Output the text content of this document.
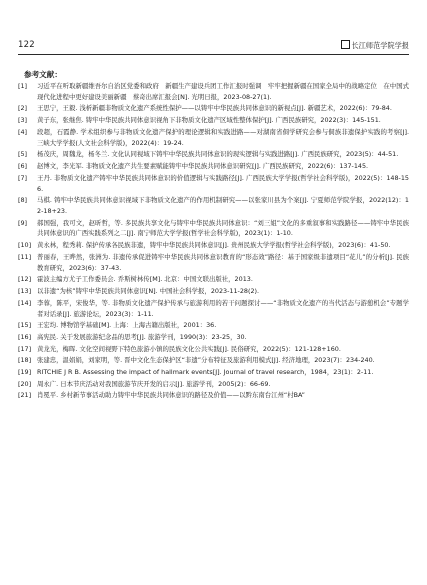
122	长江师范学院学报
参考文献：
[1] 习近平在听取新疆维吾尔自治区党委和政府　新疆生产建设兵团工作汇报时强调　牢牢把握新疆在国家全局中的战略定位　在中国式现代化进程中更好建设美丽新疆　蔡奇出席汇报会[N]. 光明日报，2023-08-27(1).
[2] 王思宁，王毅. 浅析新疆非物质文化遗产系统性保护——以铸牢中华民族共同体意识的新视点[J]. 新疆艺术，2022(6)：79-84.
[3] 黄子东，张继焦. 铸牢中华民族共同体意识视角下非物质文化遗产区域性整体保护[J]. 广西民族研究，2022(3)：145-151.
[4] 段超，石霞静. 学术组织参与非物质文化遗产保护的理论逻辑和实践进路——对湖南省侗学研究会参与侗族非遗保护实践的考察[J]. 三峡大学学报(人文社会科学版)，2022(4)：19-24.
[5] 杨茂庆，周魏龙，杨冬兰. 文化认同视域下铸牢中华民族共同体意识的现实逻辑与实践进路[J]. 广西民族研究，2023(5)：44-51.
[6] 赵博文，李光军. 非物质文化遗产共生要素赋能铸牢中华民族共同体意识研究[J]. 广西民族研究，2022(6)：137-145.
[7] 王丹. 非物质文化遗产铸牢中华民族共同体意识的价值逻辑与实践路径[J]. 广西民族大学学报(哲学社会科学版)，2022(5)：148-156.
[8] 马棋. 铸牢中华民族共同体意识视域下非物质文化遗产的作用机制研究——以张家川县为个案[J]. 宁夏师范学院学报，2022(12)：12-18+23.
[9] 郝国强，我可文，赵昕哲，等. 多民族共享文化与铸牢中华民族共同体意识：“刘三姐”文化的多重叙事和实践路径——铸牢中华民族共同体意识的广西实践系列之二[J]. 南宁师范大学学报(哲学社会科学版)，2023(1)：1-10.
[10] 黄永林，程秀莉. 保护传承各民族非遗，铸牢中华民族共同体意识[J]. 贵州民族大学学报(哲学社会科学版)，2023(6)：41-50.
[11] 普丽春，王晔然，张洲为. 非遗传承促进铸牢中华民族共同体意识教育的“形态效”路径：基于国家级非遗项目“花儿”的分析[J]. 民族教育研究，2023(6)：37-43.
[12] 霍波主编方尤子工作委员会. 乔斯树林传[M]. 北京：中国文联出版社，2013.
[13] 以非遗“为核”铸牢中华民族共同体意识[N]. 中国社会科学报，2023-11-28(2).
[14] 李蓉，陈平，宋俊华，等. 非物质文化遗产保护传承与旅游利用的若干问题探讨——“非物质文化遗产的当代活态与游憩机会”专题学者对话录[J]. 旅游论坛，2023(3)：1-11.
[15] 王宏均. 博物馆学基础[M]. 上海：上海古籍出版社，2001：36.
[16] 高宪民. 关于发展旅游纪念品的思考[J]. 旅游学刊，1990(3)：23-25，30.
[17] 黄龙光，梅晖. 文化空间视野下特色旅游小镇的民族文化公共实践[J]. 民俗研究，2022(5)：121-128+160.
[18] 张建忠，温娟娟，刘家明，等. 晋中文化生态保护区“非遗”分布特征及旅游利用模式[J]. 经济地理，2023(7)：234-240.
[19] RITCHIE J R B. Assessing the impact of hallmark events[J]. Journal of travel research，1984，23(1)：2-11.
[20] 周永广. 日本节庆活动对我国旅游节庆开发的启示[J]. 旅游学刊，2005(2)：66-69.
[21] 肖冕平. 乡村新节事活动助力铸牢中华民族共同体意识的路径及价值——以黔东南台江州“村BA”
